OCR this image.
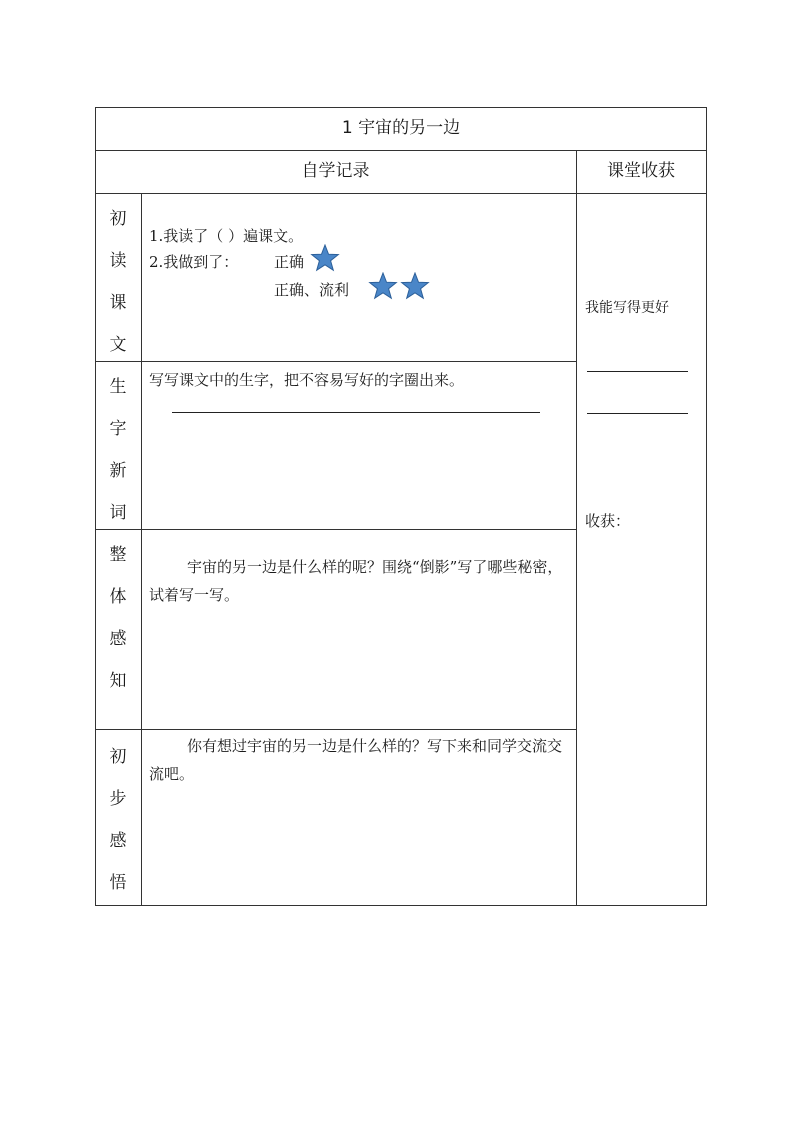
1 宇宙的另一边
自学记录	课堂收获
初
读
课
文
生
字
新
词
整
体
感
知
初
步
感
悟
1.我读了（ ）遍课文。
2.我做到了： 正确
正确、流利
写写课文中的生字，把不容易写好的字圈出来。
宇宙的另一边是什么样的呢？围绕“倒影”写了哪些秘密，试着写一写。
你有想过宇宙的另一边是什么样的？写下来和同学交流交流吧。
我能写得更好
收获：
